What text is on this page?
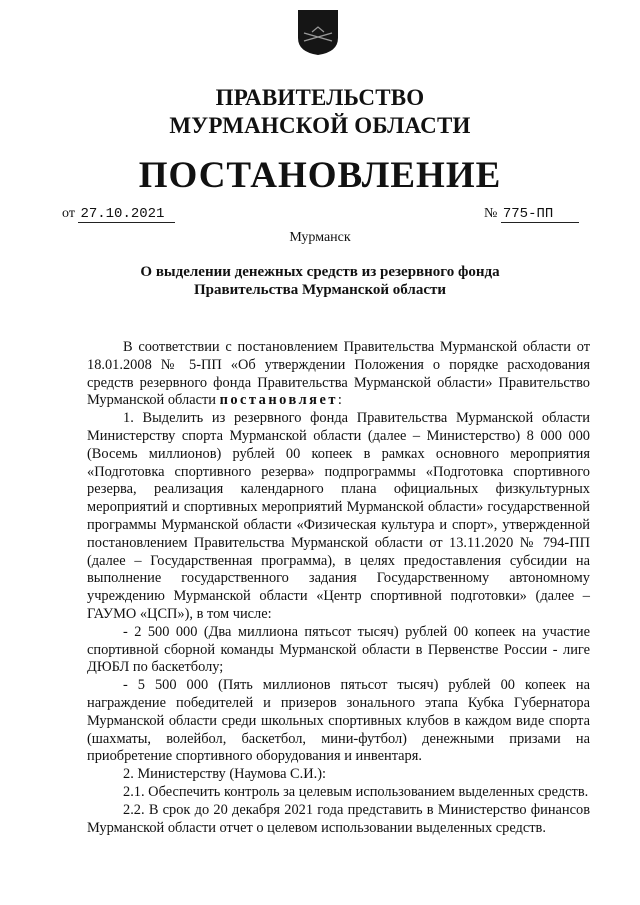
ПРАВИТЕЛЬСТВО
МУРМАНСКОЙ ОБЛАСТИ
ПОСТАНОВЛЕНИЕ
от 27.10.2021	№ 775-ПП
Мурманск
О выделении денежных средств из резервного фонда
Правительства Мурманской области

В соответствии с постановлением Правительства Мурманской области от 18.01.2008 № 5-ПП «Об утверждении Положения о порядке расходования средств резервного фонда Правительства Мурманской области» Правительство Мурманской области постановляет:

1. Выделить из резервного фонда Правительства Мурманской области Министерству спорта Мурманской области (далее – Министерство) 8 000 000 (Восемь миллионов) рублей 00 копеек в рамках основного мероприятия «Подготовка спортивного резерва» подпрограммы «Подготовка спортивного резерва, реализация календарного плана официальных физкультурных мероприятий и спортивных мероприятий Мурманской области» государственной программы Мурманской области «Физическая культура и спорт», утвержденной постановлением Правительства Мурманской области от 13.11.2020 № 794-ПП (далее – Государственная программа), в целях предоставления субсидии на выполнение государственного задания Государственному автономному учреждению Мурманской области «Центр спортивной подготовки» (далее – ГАУМО «ЦСП»), в том числе:

- 2 500 000 (Два миллиона пятьсот тысяч) рублей 00 копеек на участие спортивной сборной команды Мурманской области в Первенстве России - лиге ДЮБЛ по баскетболу;

- 5 500 000 (Пять миллионов пятьсот тысяч) рублей 00 копеек на награждение победителей и призеров зонального этапа Кубка Губернатора Мурманской области среди школьных спортивных клубов в каждом виде спорта (шахматы, волейбол, баскетбол, мини-футбол) денежными призами на приобретение спортивного оборудования и инвентаря.

2. Министерству (Наумова С.И.):

2.1. Обеспечить контроль за целевым использованием выделенных средств.

2.2. В срок до 20 декабря 2021 года представить в Министерство финансов Мурманской области отчет о целевом использовании выделенных средств.
